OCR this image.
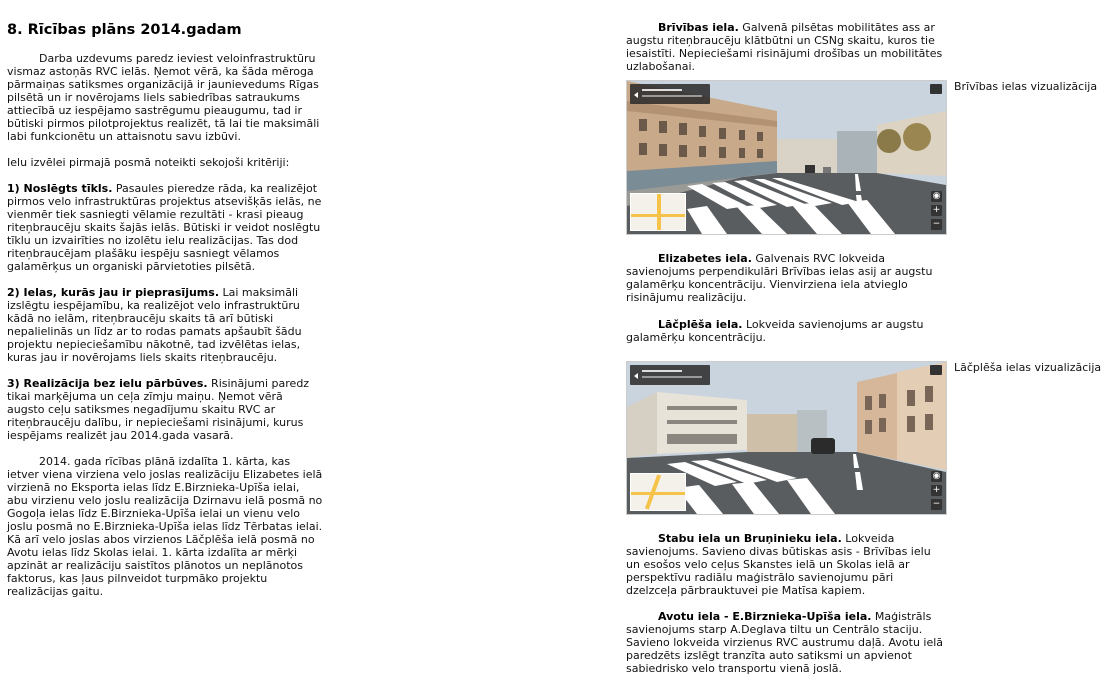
8. Rīcības plāns 2014.gadam

Darba uzdevums paredz ieviest veloinfrastruktūru vismaz astoņās RVC ielās. Ņemot vērā, ka šāda mēroga pārmaiņas satiksmes organizācijā ir jaunievedums Rīgas pilsētā un ir novērojams liels sabiedrības satraukums attiecībā uz iespējamo sastrēgumu pieaugumu, tad ir būtiski pirmos pilotprojektus realizēt, tā lai tie maksimāli labi funkcionētu un attaisnotu savu izbūvi.

Ielu izvēlei pirmajā posmā noteikti sekojoši kritēriji:

1) Noslēgts tīkls. Pasaules pieredze rāda, ka realizējot pirmos velo infrastruktūras projektus atsevišķās ielās, ne vienmēr tiek sasniegti vēlamie rezultāti - krasi pieaug riteņbraucēju skaits šajās ielās. Būtiski ir veidot noslēgtu tīklu un izvairīties no izolētu ielu realizācijas. Tas dod riteņbraucējam plašāku iespēju sasniegt vēlamos galamērķus un organiski pārvietoties pilsētā.

2) Ielas, kurās jau ir pieprasījums. Lai maksimāli izslēgtu iespējamību, ka realizējot velo infrastruktūru kādā no ielām, riteņbraucēju skaits tā arī būtiski nepalielinās un līdz ar to rodas pamats apšaubīt šādu projektu nepieciešamību nākotnē, tad izvēlētas ielas, kuras jau ir novērojams liels skaits riteņbraucēju.

3) Realizācija bez ielu pārbūves. Risinājumi paredz tikai marķējuma un ceļa zīmju maiņu. Ņemot vērā augsto ceļu satiksmes negadījumu skaitu RVC ar riteņbraucēju dalību, ir nepieciešami risinājumi, kurus iespējams realizēt jau 2014.gada vasarā.

2014. gada rīcības plānā izdalīta 1. kārta, kas ietver viena virziena velo joslas realizāciju Elizabetes ielā virzienā no Eksporta ielas līdz E.Birznieka-Upīša ielai, abu virzienu velo joslu realizācija Dzirnavu ielā posmā no Gogoļa ielas līdz E.Birznieka-Upīša ielai un vienu velo joslu posmā no E.Birznieka-Upīša ielas līdz Tērbatas ielai. Kā arī velo joslas abos virzienos Lāčplēša ielā posmā no Avotu ielas līdz Skolas ielai. 1. kārta izdalīta ar mērķi apzināt ar realizāciju saistītos plānotos un neplānotos faktorus, kas ļaus pilnveidot turpmāko projektu realizācijas gaitu.

Brīvības iela. Galvenā pilsētas mobilitātes ass ar augstu riteņbraucēju klātbūtni un CSNg skaitu, kuros tie iesaistīti. Nepieciešami risinājumi drošības un mobilitātes uzlabošanai.

◉
+
−
Brīvības ielas vizualizācija

Elizabetes iela. Galvenais RVC lokveida savienojums perpendikulāri Brīvības ielas asij ar augstu galamērķu koncentrāciju. Vienvirziena iela atvieglo risinājumu realizāciju.

Lāčplēša iela. Lokveida savienojums ar augstu galamērķu koncentrāciju.

◉
+
−
Lāčplēša ielas vizualizācija

Stabu iela un Bruņinieku iela. Lokveida savienojums. Savieno divas būtiskas asis - Brīvības ielu un esošos velo ceļus Skanstes ielā un Skolas ielā ar perspektīvu radiālu maģistrālo savienojumu pāri dzelzceļa pārbrauktuvei pie Matīsa kapiem.

Avotu iela - E.Birznieka-Upīša iela. Maģistrāls savienojums starp A.Deglava tiltu un Centrālo staciju. Savieno lokveida virzienus RVC austrumu daļā. Avotu ielā paredzēts izslēgt tranzīta auto satiksmi un apvienot sabiedrisko velo transportu vienā joslā.
